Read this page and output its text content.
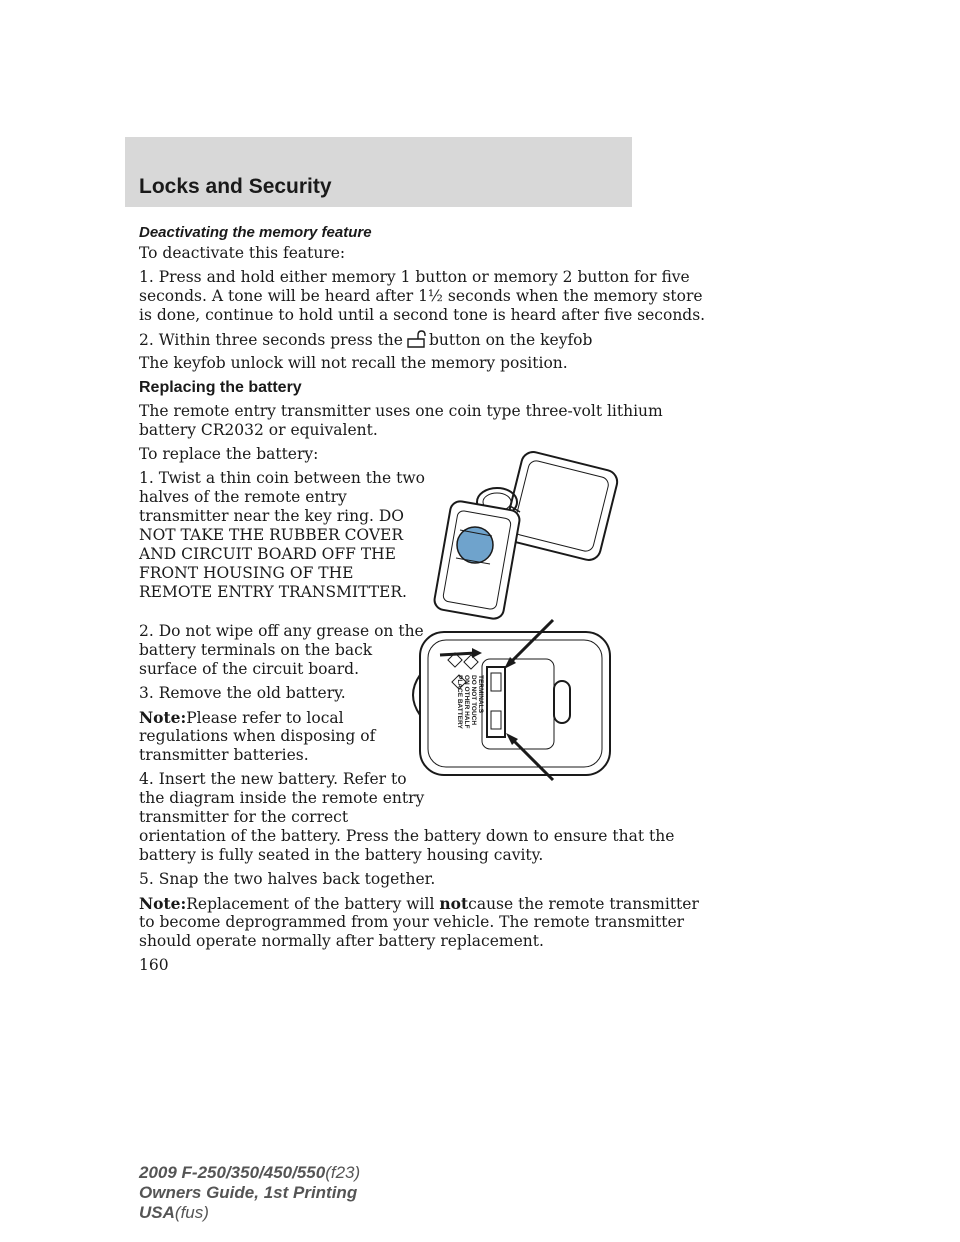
Locks and Security
Deactivating the memory feature
To deactivate this feature:
1. Press and hold either memory 1 button or memory 2 button for five
seconds. A tone will be heard after 1½ seconds when the memory store
is done, continue to hold until a second tone is heard after five seconds.
2. Within three seconds press the button on the keyfob
The keyfob unlock will not recall the memory position.
Replacing the battery
The remote entry transmitter uses one coin type three-volt lithium
battery CR2032 or equivalent.
To replace the battery:
1. Twist a thin coin between the two
halves of the remote entry
transmitter near the key ring. DO
NOT TAKE THE RUBBER COVER
AND CIRCUIT BOARD OFF THE
FRONT HOUSING OF THE
REMOTE ENTRY TRANSMITTER.
2. Do not wipe off any grease on the
battery terminals on the back
surface of the circuit board.
3. Remove the old battery.
Note:Please refer to local
regulations when disposing of
transmitter batteries.
4. Insert the new battery. Refer to
the diagram inside the remote entry
transmitter for the correct
orientation of the battery. Press the battery down to ensure that the
battery is fully seated in the battery housing cavity.
5. Snap the two halves back together.
Note:Replacement of the battery will notcause the remote transmitter
to become deprogrammed from your vehicle. The remote transmitter
should operate normally after battery replacement.
160
PLACE BATTERY ON OTHER HALF DO NOT TOUCH TERMINALS
2009 F-250/350/450/550(f23)
Owners Guide, 1st Printing
USA(fus)
